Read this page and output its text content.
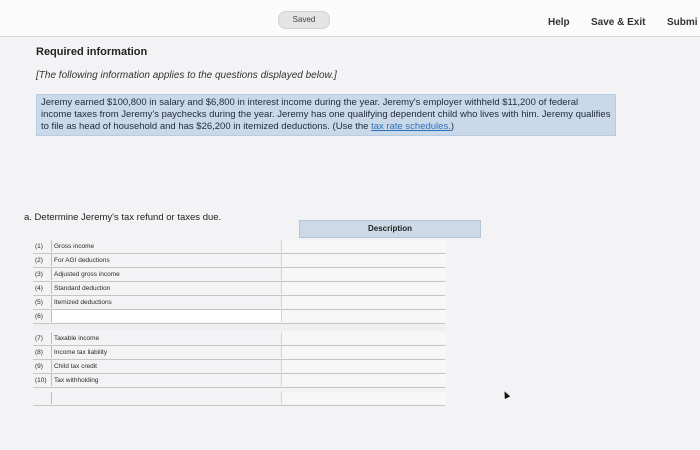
Saved	Help Save & Exit Submi
Required information
[The following information applies to the questions displayed below.]
Jeremy earned $100,800 in salary and $6,800 in interest income during the year. Jeremy's employer withheld $11,200 of federal income taxes from Jeremy's paychecks during the year. Jeremy has one qualifying dependent child who lives with him. Jeremy qualifies to file as head of household and has $26,200 in itemized deductions. (Use the tax rate schedules.)
a. Determine Jeremy's tax refund or taxes due.
Description
(1)	Gross income
(2)	For AGI deductions
(3)	Adjusted gross income
(4)	Standard deduction
(5)	Itemized deductions
(6)
(7)	Taxable income
(8)	Income tax liability
(9)	Child tax credit
(10)	Tax withholding
